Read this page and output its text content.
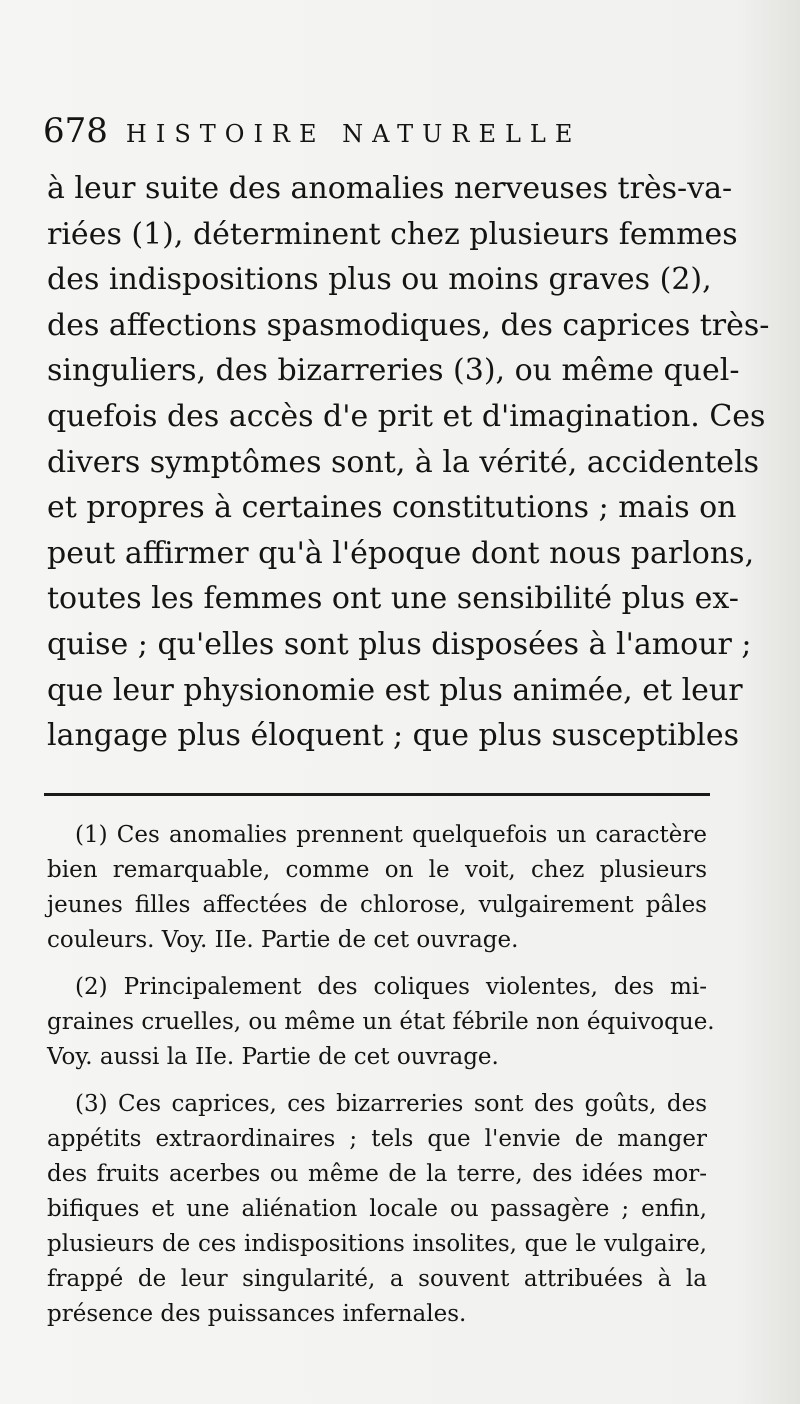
678 HISTOIRE NATURELLE
à leur suite des anomalies nerveuses très-va-
riées (1), déterminent chez plusieurs femmes
des indispositions plus ou moins graves (2),
des affections spasmodiques, des caprices très-
singuliers, des bizarreries (3), ou même quel-
quefois des accès d'e prit et d'imagination. Ces
divers symptômes sont, à la vérité, accidentels
et propres à certaines constitutions ; mais on
peut affirmer qu'à l'époque dont nous parlons,
toutes les femmes ont une sensibilité plus ex-
quise ; qu'elles sont plus disposées à l'amour ;
que leur physionomie est plus animée, et leur
langage plus éloquent ; que plus susceptibles
(1) Ces anomalies prennent quelquefois un caractère
bien remarquable, comme on le voit, chez plusieurs
jeunes filles affectées de chlorose, vulgairement pâles
couleurs. Voy. IIe. Partie de cet ouvrage.
(2) Principalement des coliques violentes, des mi-
graines cruelles, ou même un état fébrile non équivoque.
Voy. aussi la IIe. Partie de cet ouvrage.
(3) Ces caprices, ces bizarreries sont des goûts, des
appétits extraordinaires ; tels que l'envie de manger
des fruits acerbes ou même de la terre, des idées mor-
bifiques et une aliénation locale ou passagère ; enfin,
plusieurs de ces indispositions insolites, que le vulgaire,
frappé de leur singularité, a souvent attribuées à la
présence des puissances infernales.
